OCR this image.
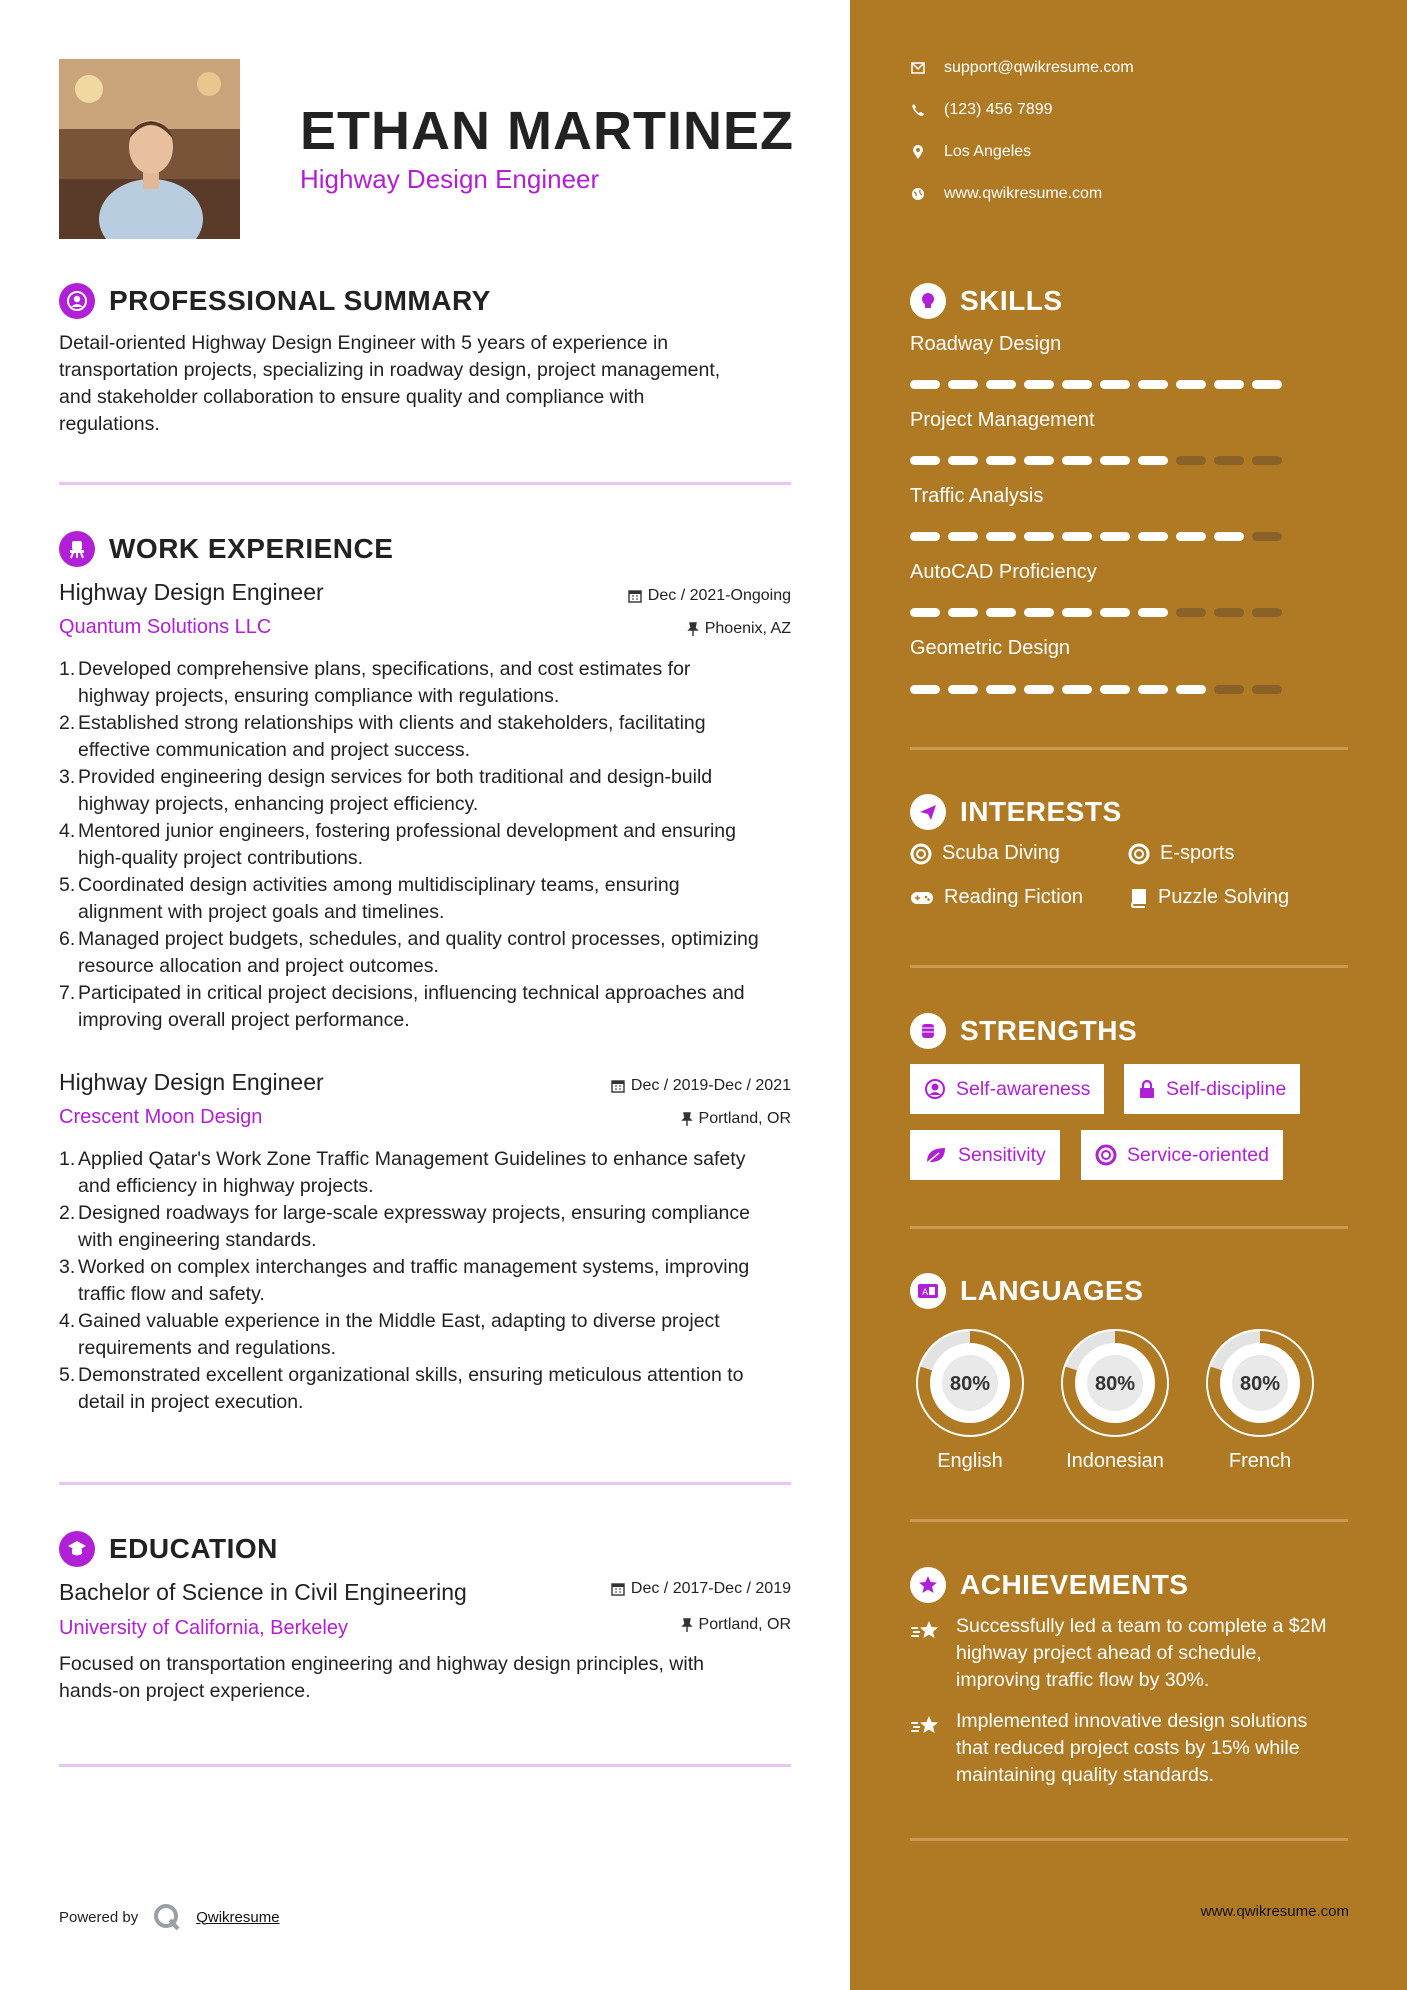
ETHAN MARTINEZ
Highway Design Engineer
PROFESSIONAL SUMMARY
Detail-oriented Highway Design Engineer with 5 years of experience in
transportation projects, specializing in roadway design, project management,
and stakeholder collaboration to ensure quality and compliance with
regulations.
WORK EXPERIENCE
Highway Design Engineer
Quantum Solutions LLC
Dec / 2021-Ongoing
Phoenix, AZ
1. Developed comprehensive plans, specifications, and cost estimates for
highway projects, ensuring compliance with regulations.
2. Established strong relationships with clients and stakeholders, facilitating
effective communication and project success.
3. Provided engineering design services for both traditional and design-build
highway projects, enhancing project efficiency.
4. Mentored junior engineers, fostering professional development and ensuring
high-quality project contributions.
5. Coordinated design activities among multidisciplinary teams, ensuring
alignment with project goals and timelines.
6. Managed project budgets, schedules, and quality control processes, optimizing
resource allocation and project outcomes.
7. Participated in critical project decisions, influencing technical approaches and
improving overall project performance.
Highway Design Engineer
Crescent Moon Design
Dec / 2019-Dec / 2021
Portland, OR
1. Applied Qatar's Work Zone Traffic Management Guidelines to enhance safety
and efficiency in highway projects.
2. Designed roadways for large-scale expressway projects, ensuring compliance
with engineering standards.
3. Worked on complex interchanges and traffic management systems, improving
traffic flow and safety.
4. Gained valuable experience in the Middle East, adapting to diverse project
requirements and regulations.
5. Demonstrated excellent organizational skills, ensuring meticulous attention to
detail in project execution.
EDUCATION
Bachelor of Science in Civil Engineering
University of California, Berkeley
Dec / 2017-Dec / 2019
Portland, OR
Focused on transportation engineering and highway design principles, with
hands-on project experience.
Powered by	Qwikresume
support@qwikresume.com
(123) 456 7899
Los Angeles
www.qwikresume.com
SKILLS
Roadway Design
Project Management
Traffic Analysis
AutoCAD Proficiency
Geometric Design
INTERESTS
Scuba Diving	E-sports
Reading Fiction	Puzzle Solving
STRENGTHS
Self-awareness	Self-discipline
Sensitivity	Service-oriented
A LANGUAGES
80%
English
80%
Indonesian
80%
French
ACHIEVEMENTS
Successfully led a team to complete a $2M
highway project ahead of schedule,
improving traffic flow by 30%.
Implemented innovative design solutions
that reduced project costs by 15% while
maintaining quality standards.
www.qwikresume.com
